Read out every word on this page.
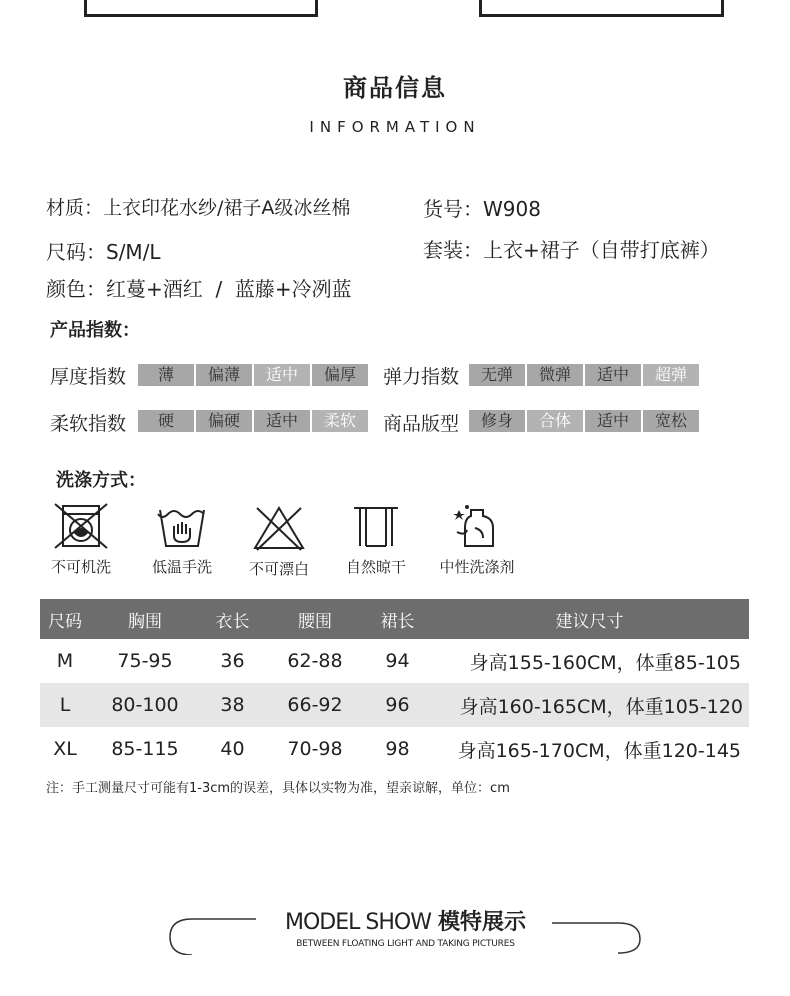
商品信息
INFORMATION
材质：上衣印花水纱/裙子A级冰丝棉	货号：W908
尺码：S/M/L	套装：上衣+裙子（自带打底裤）
颜色：红蔓+酒红  /  蓝藤+冷冽蓝
产品指数：
厚度指数	薄	偏薄	适中	偏厚	弹力指数	无弹	微弹	适中	超弹
柔软指数	硬	偏硬	适中	柔软	商品版型	修身	合体	适中	宽松
洗涤方式：
不可机洗	低温手洗	不可漂白	自然晾干	中性洗涤剂
尺码	胸围	衣长	腰围	裙长	建议尺寸
M	75-95	36	62-88	94	身高155-160CM，体重85-105
L	80-100	38	66-92	96	身高160-165CM，体重105-120
XL	85-115	40	70-98	98	身高165-170CM，体重120-145
注：手工测量尺寸可能有1-3cm的误差，具体以实物为准，望亲谅解，单位：cm
MODEL SHOW 模特展示
BETWEEN FLOATING LIGHT AND TAKING PICTURES
